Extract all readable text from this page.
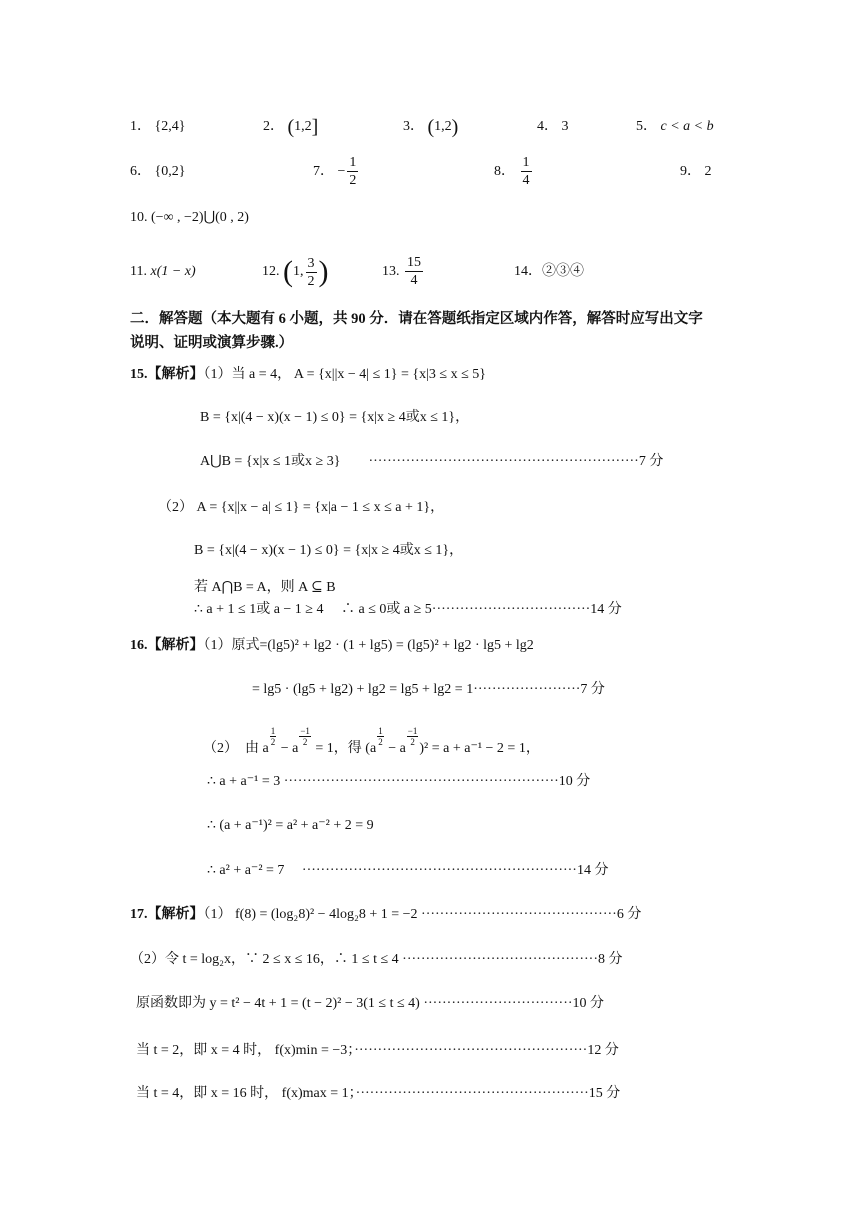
1． {2,4}	2． (1,2]	3． (1,2)	4． 3	5． c < a < b
6． {0,2}	7． − $\frac{1}{2}$	8． $\frac{1}{4}$	9． 2
10. (−∞ , −2)⋃(0 , 2)
11. x(1 − x)	12. (1, $\frac{3}{2}$ )	13. $\frac{15}{4}$	14．②③④
二．解答题（本大题有 6 小题，共 90 分．请在答题纸指定区域内作答，解答时应写出文字
说明、证明或演算步骤.）
15.【解析】（1）当 a = 4， A = {x||x − 4| ≤ 1} = {x|3 ≤ x ≤ 5}
B = {x|(4 − x)(x − 1) ≤ 0} = {x|x ≥ 4或x ≤ 1}，
A⋃B = {x|x ≤ 1或x ≥ 3}　　 ··························································7 分
（2） A = {x||x − a| ≤ 1} = {x|a − 1 ≤ x ≤ a + 1}，
B = {x|(4 − x)(x − 1) ≤ 0} = {x|x ≥ 4或x ≤ 1}，
若 A⋂B = A，则 A ⊆ B
∴ a + 1 ≤ 1或 a − 1 ≥ 4　 ∴ a ≤ 0或 a ≥ 5··································14 分
16.【解析】（1）原式=(lg5)² + lg2 · (1 + lg5) = (lg5)² + lg2 · lg5 + lg2
= lg5 · (lg5 + lg2) + lg2 = lg5 + lg2 = 1·······················7 分
（2）　由 a
$\frac{1}{2}$
− a
$\frac{-1}{2}$
= 1，得 (a
$\frac{1}{2}$
− a
$\frac{-1}{2}$
)² = a + a⁻¹ − 2 = 1，
∴ a + a⁻¹ = 3 ···························································10 分
∴ (a + a⁻¹)² = a² + a⁻² + 2 = 9
∴ a² + a⁻² = 7 　···························································14 分
17.【解析】（1） f(8) = (log₂8)² − 4log₂8 + 1 = −2 ··········································6 分
（2）令 t = log₂x，∵ 2 ≤ x ≤ 16，∴ 1 ≤ t ≤ 4 ··········································8 分
原函数即为 y = t² − 4t + 1 = (t − 2)² − 3(1 ≤ t ≤ 4) ································10 分
当 t = 2，即 x = 4 时， f(x)min = −3；··················································12 分
当 t = 4，即 x = 16 时， f(x)max = 1；··················································15 分
